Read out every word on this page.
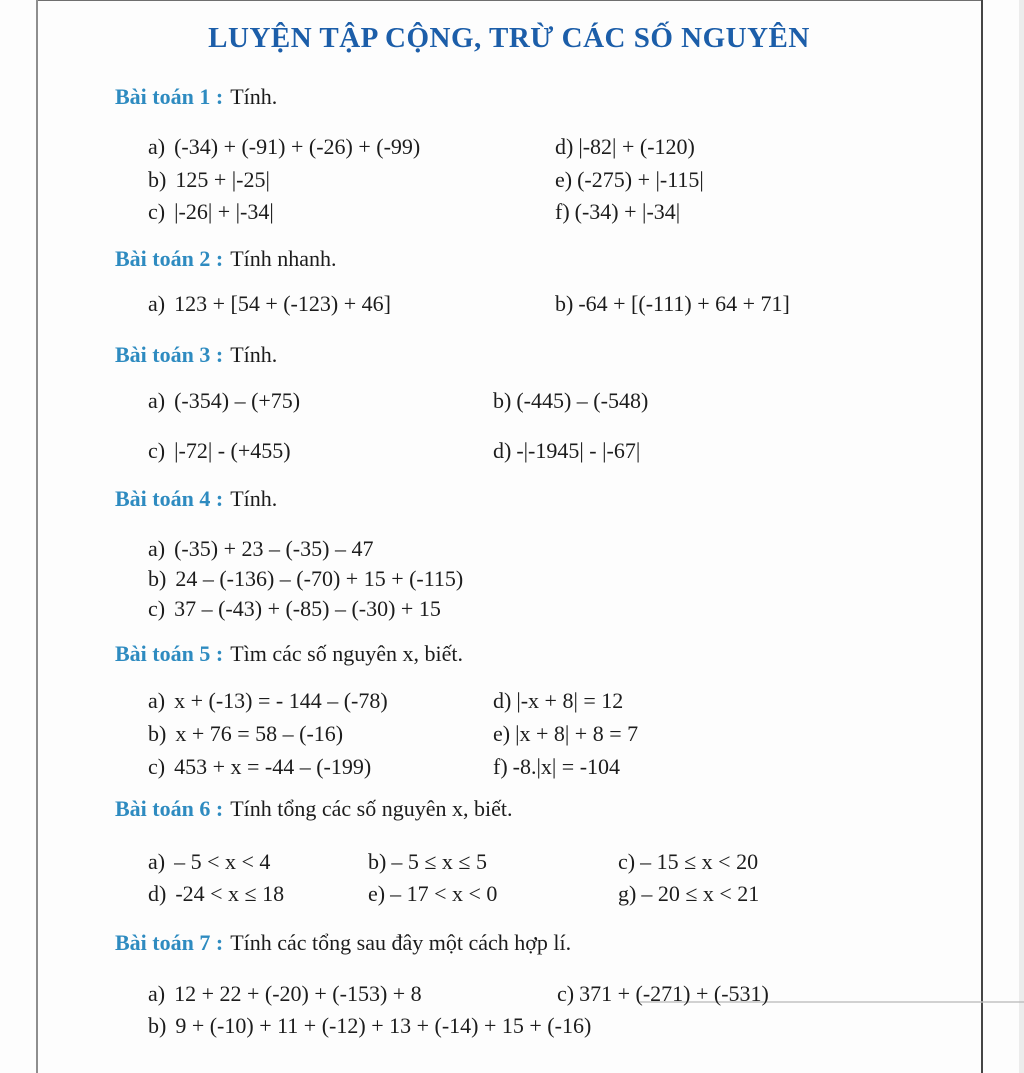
LUYỆN TẬP CỘNG, TRỪ CÁC SỐ NGUYÊN
Bài toán 1 : Tính.
a) (-34) + (-91) + (-26) + (-99)	d) |-82| + (-120)
b) 125 + |-25|	e) (-275) + |-115|
c) |-26| + |-34|	f) (-34) + |-34|
Bài toán 2 : Tính nhanh.
a) 123 + [54 + (-123) + 46]	b) -64 + [(-111) + 64 + 71]
Bài toán 3 : Tính.
a) (-354) – (+75)	b) (-445) – (-548)
c) |-72| - (+455)	d) -|-1945| - |-67|
Bài toán 4 : Tính.
a) (-35) + 23 – (-35) – 47
b) 24 – (-136) – (-70) + 15 + (-115)
c) 37 – (-43) + (-85) – (-30) + 15
Bài toán 5 : Tìm các số nguyên x, biết.
a) x + (-13) = - 144 – (-78)	d) |-x + 8| = 12
b) x + 76 = 58 – (-16)	e) |x + 8| + 8 = 7
c) 453 + x = -44 – (-199)	f) -8.|x| = -104
Bài toán 6 : Tính tổng các số nguyên x, biết.
a) – 5 < x < 4	b) – 5 ≤ x ≤ 5	c) – 15 ≤ x < 20
d) -24 < x ≤ 18	e) – 17 < x < 0	g) – 20 ≤ x < 21
Bài toán 7 : Tính các tổng sau đây một cách hợp lí.
a) 12 + 22 + (-20) + (-153) + 8	c) 371 + (-271) + (-531)
b) 9 + (-10) + 11 + (-12) + 13 + (-14) + 15 + (-16)
